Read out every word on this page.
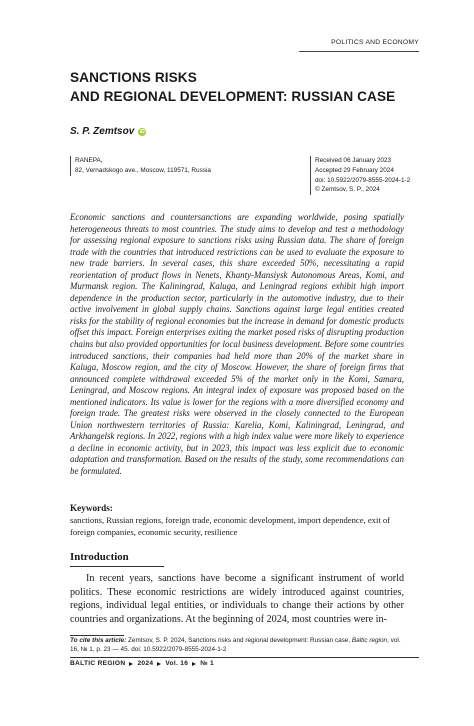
POLITICS AND ECONOMY
SANCTIONS RISKS
AND REGIONAL DEVELOPMENT: RUSSIAN CASE
S. P. Zemtsov	iD
RANEPA,
82, Vernadskogo ave., Moscow, 119571, Russia
Received 06 January 2023
Accepted 29 February 2024
doi: 10.5922/2079-8555-2024-1-2
© Zemtsov, S. P., 2024
Economic sanctions and countersanctions are expanding worldwide, posing spatially heterogeneous threats to most countries. The study aims to develop and test a methodology for assessing regional exposure to sanctions risks using Russian data. The share of foreign trade with the countries that introduced restrictions can be used to evaluate the exposure to new trade barriers. In several cases, this share exceeded 50%, necessitating a rapid reorientation of product flows in Nenets, Khanty-Mansiysk Autonomous Areas, Komi, and Murmansk region. The Kaliningrad, Kaluga, and Leningrad regions exhibit high import dependence in the production sector, particularly in the automotive industry, due to their active involvement in global supply chains. Sanctions against large legal entities created risks for the stability of regional economies but the increase in demand for domestic products offset this impact. Foreign enterprises exiting the market posed risks of disrupting production chains but also provided opportunities for local business development. Before some countries introduced sanctions, their companies had held more than 20% of the market share in Kaluga, Moscow region, and the city of Moscow. However, the share of foreign firms that announced complete withdrawal exceeded 5% of the market only in the Komi, Samara, Leningrad, and Moscow regions. An integral index of exposure was proposed based on the mentioned indicators. Its value is lower for the regions with a more diversified economy and foreign trade. The greatest risks were observed in the closely connected to the European Union northwestern territories of Russia: Karelia, Komi, Kaliningrad, Leningrad, and Arkhangelsk regions. In 2022, regions with a high index value were more likely to experience a decline in economic activity, but in 2023, this impact was less explicit due to economic adaptation and transformation. Based on the results of the study, some recommendations can be formulated.
Keywords:
sanctions, Russian regions, foreign trade, economic development, import dependence, exit of foreign companies, economic security, resilience
Introduction
In recent years, sanctions have become a significant instrument of world politics. These economic restrictions are widely introduced against countries, regions, individual legal entities, or individuals to change their actions by other countries and organizations. At the beginning of 2024, most countries were in-
To cite this article: Zemtsov, S. P. 2024, Sanctions risks and regional development: Russian case, Baltic region, vol. 16, № 1, p. 23 — 45. doi: 10.5922/2079-8555-2024-1-2
BALTIC REGION 2024 Vol. 16 № 1
